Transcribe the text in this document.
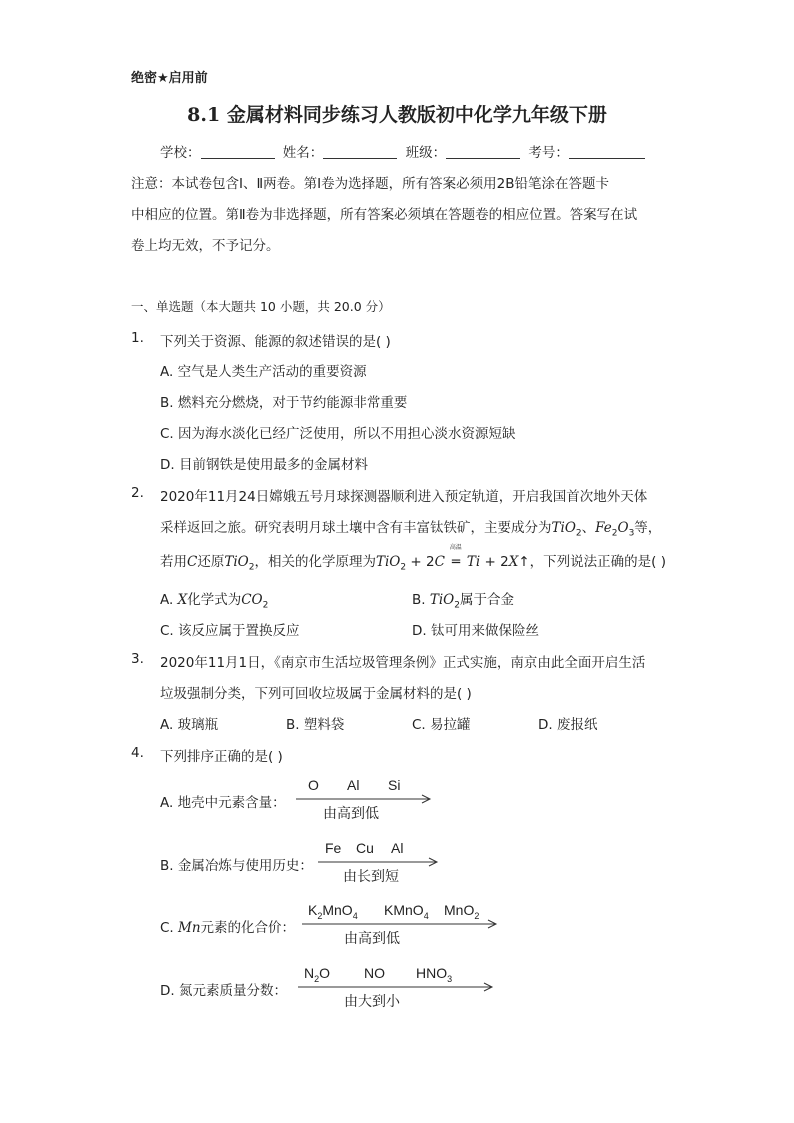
绝密★启用前
8.1 金属材料同步练习人教版初中化学九年级下册
学校：	姓名：	班级：	考号：
注意：本试卷包含Ⅰ、Ⅱ两卷。第Ⅰ卷为选择题，所有答案必须用2B铅笔涂在答题卡
中相应的位置。第Ⅱ卷为非选择题，所有答案必须填在答题卷的相应位置。答案写在试
卷上均无效，不予记分。
一、单选题（本大题共 10 小题，共 20.0 分）
1. 下列关于资源、能源的叙述错误的是( )
A. 空气是人类生产活动的重要资源
B. 燃料充分燃烧，对于节约能源非常重要
C. 因为海水淡化已经广泛使用，所以不用担心淡水资源短缺
D. 目前钢铁是使用最多的金属材料
2. 2020年11月24日嫦娥五号月球探测器顺利进入预定轨道，开启我国首次地外天体
采样返回之旅。研究表明月球土壤中含有丰富钛铁矿，主要成分为TiO$_2$、$Fe_2O_3$等，
若用C还原TiO$_2$，相关的化学原理为TiO$_2$ + 2C
高温
═ Ti + 2X↑，下列说法正确的是( )
A. X化学式为$CO_2$	B. TiO$_2$属于合金
C. 该反应属于置换反应	D. 钛可用来做保险丝
3. 2020年11月1日，《南京市生活垃圾管理条例》正式实施，南京由此全面开启生活
垃圾强制分类，下列可回收垃圾属于金属材料的是( )
A. 玻璃瓶	B. 塑料袋	C. 易拉罐	D. 废报纸
4. 下列排序正确的是( )
A. 地壳中元素含量：
O Al Si
由高到低
B. 金属冶炼与使用历史：
Fe Cu Al
由长到短
C. Mn元素的化合价：
$K_2MnO_4$ KMnO$_4$ MnO$_2$
由高到低
D. 氮元素质量分数：
$N_2O$ NO $HNO_3$
由大到小
